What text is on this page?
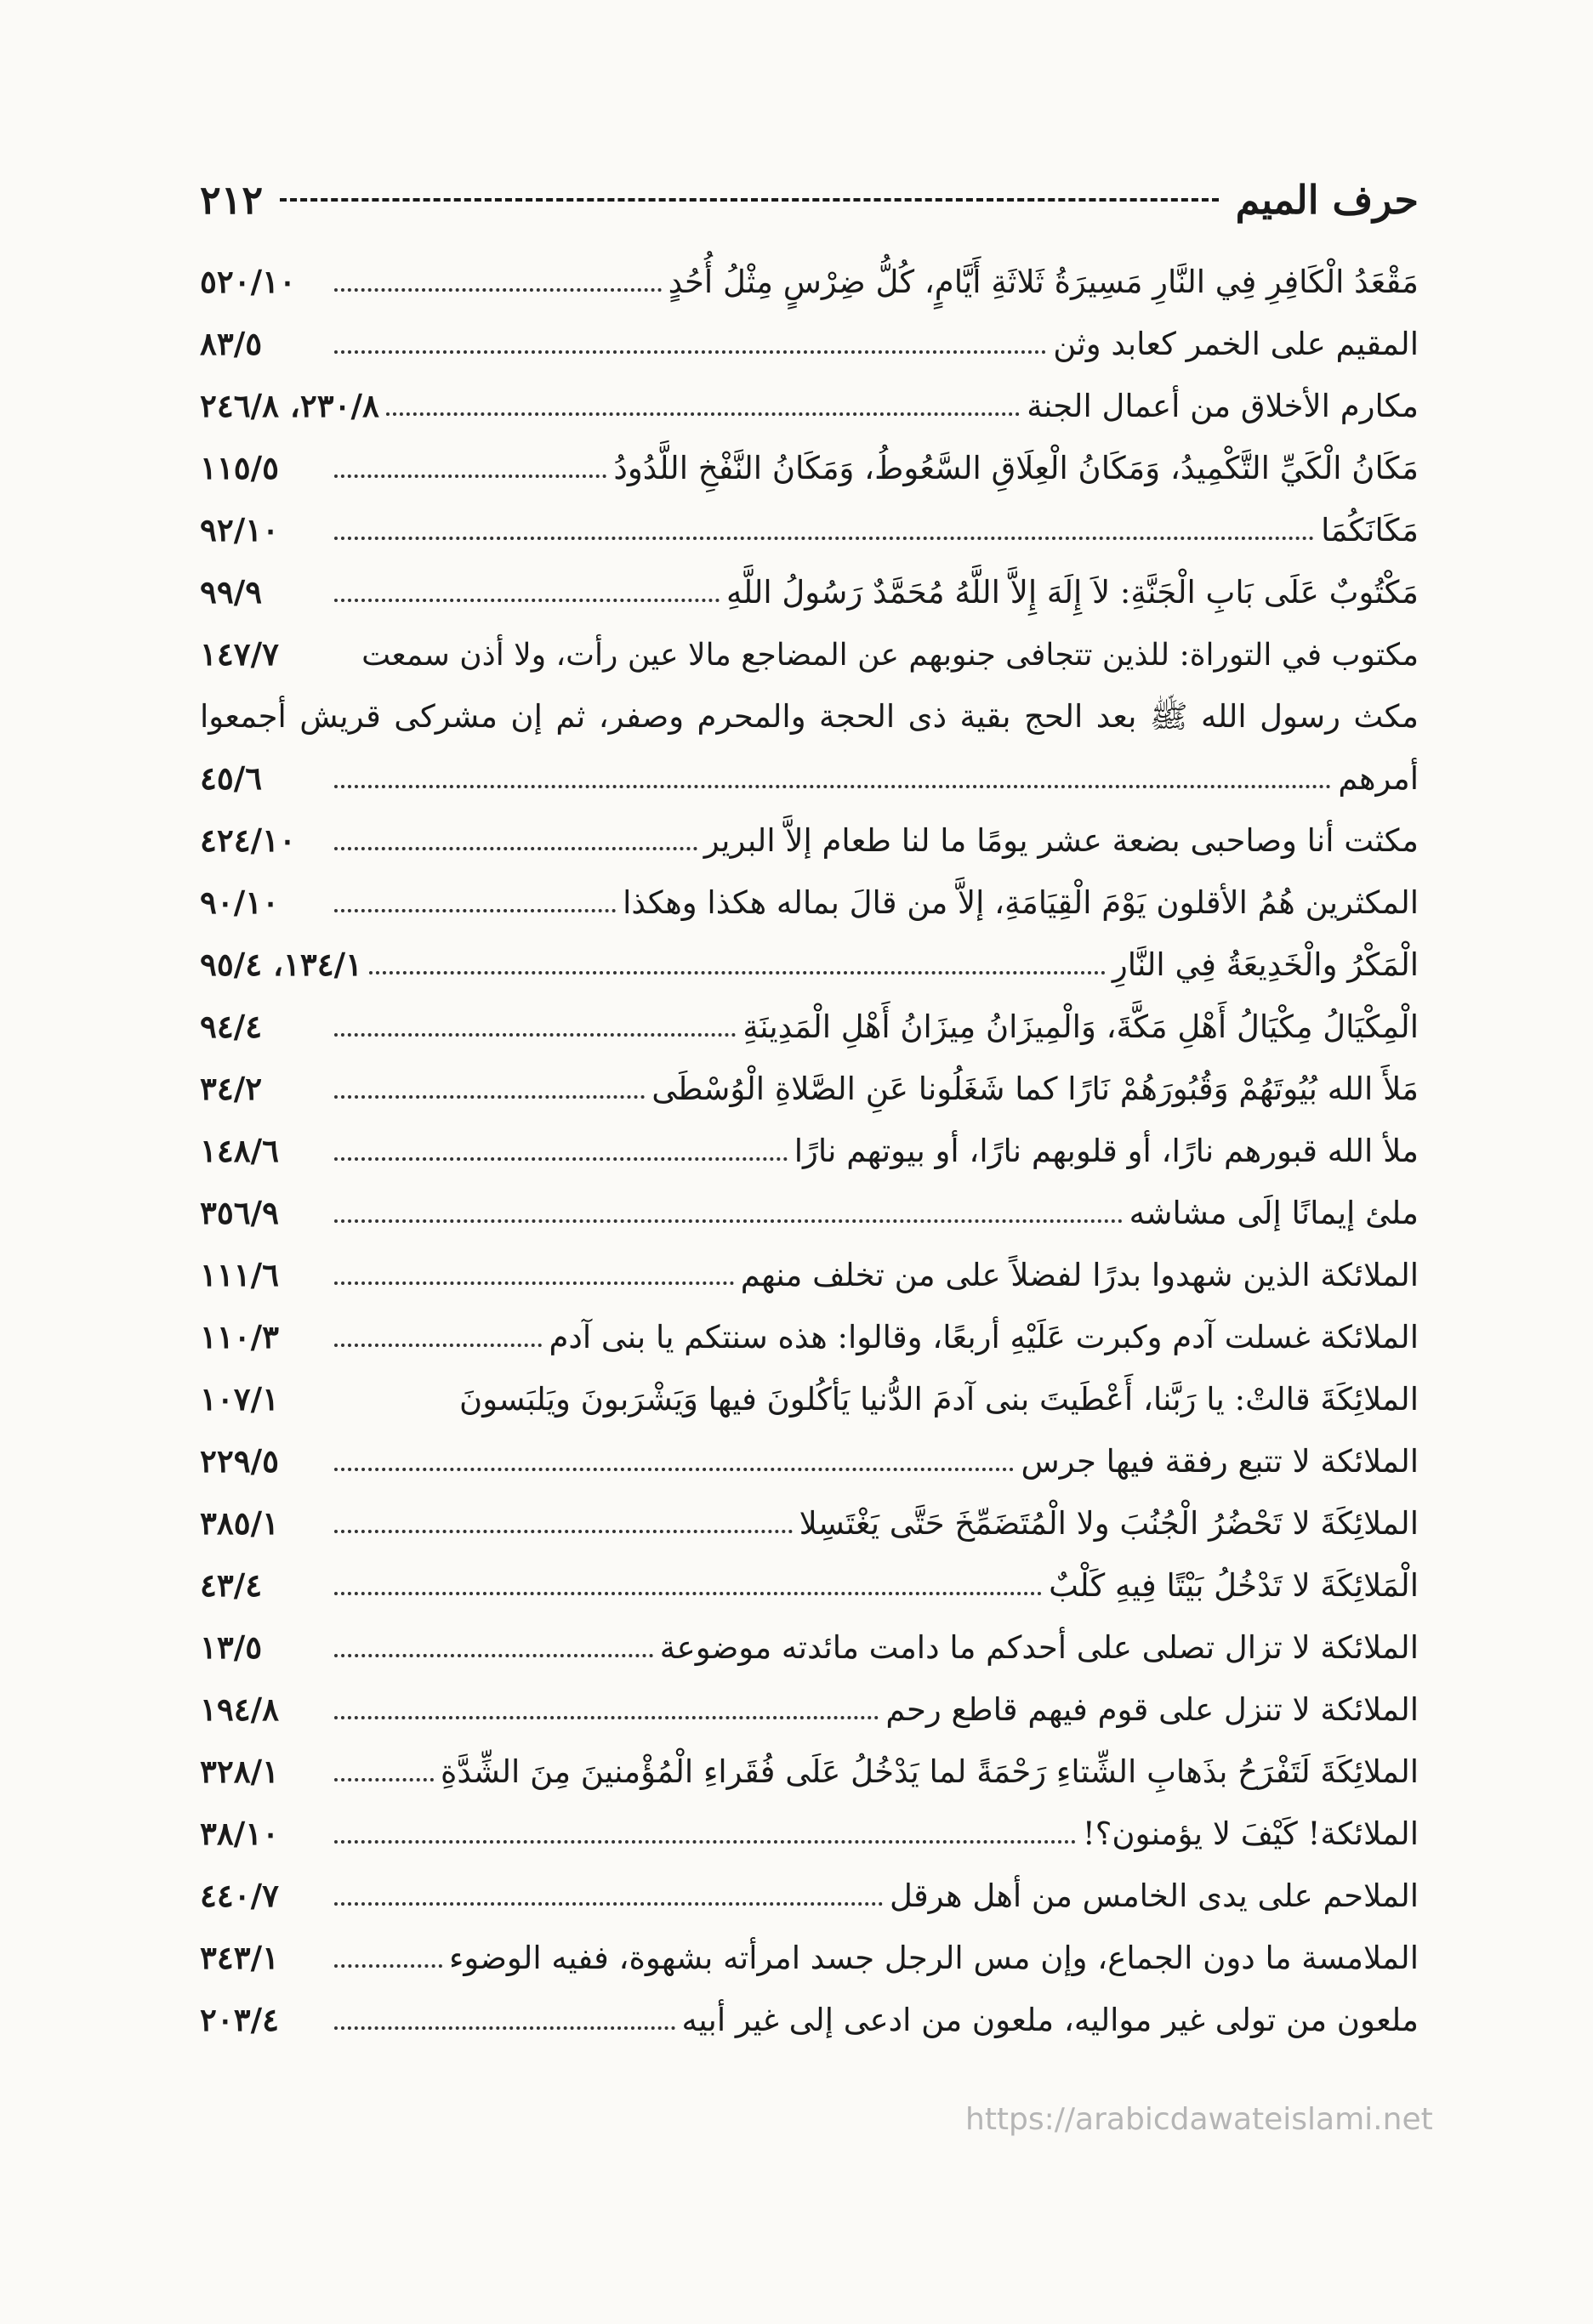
حرف الميم
٢١٢
مَقْعَدُ الْكَافِرِ فِي النَّارِ مَسِيرَةُ ثَلاثَةِ أَيَّامٍ، كُلُّ ضِرْسٍ مِثْلُ أُحُدٍ
٥٢٠/١٠
المقيم على الخمر كعابد وثن
٨٣/٥
مكارم الأخلاق من أعمال الجنة
٢٣٠/٨، ٢٤٦/٨
مَكَانُ الْكَيِّ التَّكْمِيدُ، وَمَكَانُ الْعِلَاقِ السَّعُوطُ، وَمَكَانُ النَّفْخِ اللَّدُودُ
١١٥/٥
مَكَانَكُمَا
٩٢/١٠
مَكْتُوبٌ عَلَى بَابِ الْجَنَّةِ: لاَ إِلَهَ إِلاَّ اللَّهُ مُحَمَّدٌ رَسُولُ اللَّهِ
٩٩/٩
مكتوب في التوراة: للذين تتجافى جنوبهم عن المضاجع مالا عين رأت، ولا أذن سمعت
١٤٧/٧
مكث رسول الله ﷺ بعد الحج بقية ذى الحجة والمحرم وصفر، ثم إن مشركى قريش أجمعوا
أمرهم
٤٥/٦
مكثت أنا وصاحبى بضعة عشر يومًا ما لنا طعام إلاَّ البرير
٤٢٤/١٠
المكثرين هُمُ الأقلون يَوْمَ الْقِيَامَةِ، إلاَّ من قالَ بماله هكذا وهكذا
٩٠/١٠
الْمَكْرُ والْخَدِيعَةُ فِي النَّارِ
١٣٤/١، ٩٥/٤
الْمِكْيَالُ مِكْيَالُ أَهْلِ مَكَّةَ، وَالْمِيزَانُ مِيزَانُ أَهْلِ الْمَدِينَةِ
٩٤/٤
مَلأَ الله بُيُوتَهُمْ وَقُبُورَهُمْ نَارًا كما شَغَلُونا عَنِ الصَّلاةِ الْوُسْطَى
٣٤/٢
ملأ الله قبورهم نارًا، أو قلوبهم نارًا، أو بيوتهم نارًا
١٤٨/٦
ملئ إيمانًا إلَى مشاشه
٣٥٦/٩
الملائكة الذين شهدوا بدرًا لفضلاً على من تخلف منهم
١١١/٦
الملائكة غسلت آدم وكبرت عَلَيْهِ أربعًا، وقالوا: هذه سنتكم يا بنى آدم
١١٠/٣
الملائِكَةَ قالتْ: يا رَبَّنا، أَعْطَيتَ بنى آدمَ الدُّنيا يَأكُلونَ فيها وَيَشْرَبونَ ويَلبَسونَ
١٠٧/١
الملائكة لا تتبع رفقة فيها جرس
٢٢٩/٥
الملائِكَةَ لا تَحْضُرُ الْجُنُبَ ولا الْمُتَضَمِّخَ حَتَّى يَغْتَسِلا
٣٨٥/١
الْمَلائِكَةَ لا تَدْخُلُ بَيْتًا فِيهِ كَلْبٌ
٤٣/٤
الملائكة لا تزال تصلى على أحدكم ما دامت مائدته موضوعة
١٣/٥
الملائكة لا تنزل على قوم فيهم قاطع رحم
١٩٤/٨
الملائِكَةَ لَتَفْرَحُ بذَهابِ الشِّتاءِ رَحْمَةً لما يَدْخُلُ عَلَى فُقَراءِ الْمُؤْمنينَ مِنَ الشِّدَّةِ
٣٢٨/١
الملائكة! كَيْفَ لا يؤمنون؟!
٣٨/١٠
الملاحم على يدى الخامس من أهل هرقل
٤٤٠/٧
الملامسة ما دون الجماع، وإن مس الرجل جسد امرأته بشهوة، ففيه الوضوء
٣٤٣/١
ملعون من تولى غير مواليه، ملعون من ادعى إلى غير أبيه
٢٠٣/٤
https://arabicdawateislami.net
